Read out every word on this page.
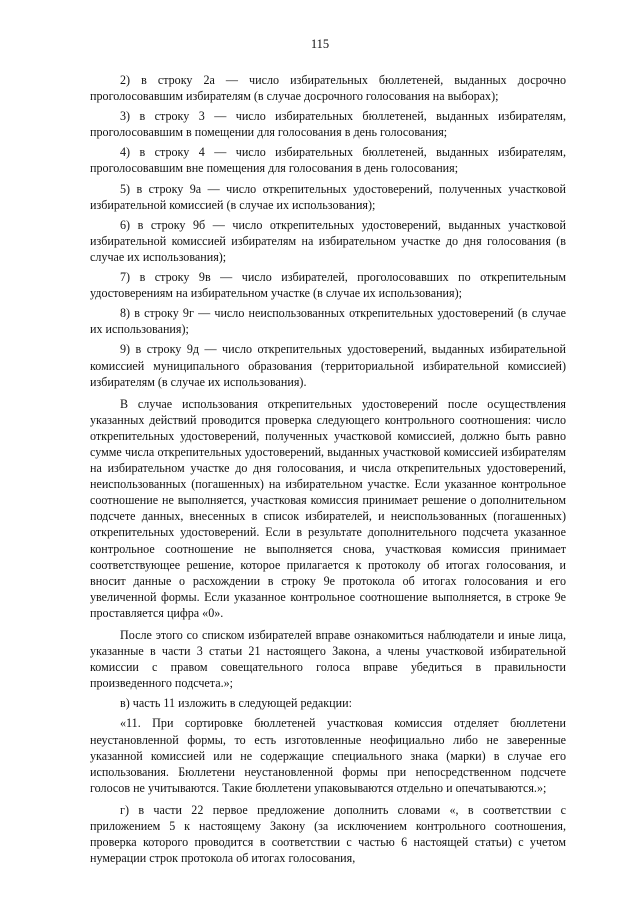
115

2) в строку 2а — число избирательных бюллетеней, выданных досрочно проголосовавшим избирателям (в случае досрочного голосования на выборах);

3) в строку 3 — число избирательных бюллетеней, выданных избирателям, проголосовавшим в помещении для голосования в день голосования;

4) в строку 4 — число избирательных бюллетеней, выданных избирателям, проголосовавшим вне помещения для голосования в день голосования;

5) в строку 9а — число открепительных удостоверений, полученных участковой избирательной комиссией (в случае их использования);

6) в строку 9б — число открепительных удостоверений, выданных участковой избирательной комиссией избирателям на избирательном участке до дня голосования (в случае их использования);

7) в строку 9в — число избирателей, проголосовавших по открепительным удостоверениям на избирательном участке (в случае их использования);

8) в строку 9г — число неиспользованных открепительных удостоверений (в случае их использования);

9) в строку 9д — число открепительных удостоверений, выданных избирательной комиссией муниципального образования (территориальной избирательной комиссией) избирателям (в случае их использования).

В случае использования открепительных удостоверений после осуществления указанных действий проводится проверка следующего контрольного соотношения: число открепительных удостоверений, полученных участковой комиссией, должно быть равно сумме числа открепительных удостоверений, выданных участковой комиссией избирателям на избирательном участке до дня голосования, и числа открепительных удостоверений, неиспользованных (погашенных) на избирательном участке. Если указанное контрольное соотношение не выполняется, участковая комиссия принимает решение о дополнительном подсчете данных, внесенных в список избирателей, и неиспользованных (погашенных) открепительных удостоверений. Если в результате дополнительного подсчета указанное контрольное соотношение не выполняется снова, участковая комиссия принимает соответствующее решение, которое прилагается к протоколу об итогах голосования, и вносит данные о расхождении в строку 9е протокола об итогах голосования и его увеличенной формы. Если указанное контрольное соотношение выполняется, в строке 9е проставляется цифра «0».

После этого со списком избирателей вправе ознакомиться наблюдатели и иные лица, указанные в части 3 статьи 21 настоящего Закона, а члены участковой избирательной комиссии с правом совещательного голоса вправе убедиться в правильности произведенного подсчета.»;

в) часть 11 изложить в следующей редакции:

«11. При сортировке бюллетеней участковая комиссия отделяет бюллетени неустановленной формы, то есть изготовленные неофициально либо не заверенные указанной комиссией или не содержащие специального знака (марки) в случае его использования. Бюллетени неустановленной формы при непосредственном подсчете голосов не учитываются. Такие бюллетени упаковываются отдельно и опечатываются.»;

г) в части 22 первое предложение дополнить словами «, в соответствии с приложением 5 к настоящему Закону (за исключением контрольного соотношения, проверка которого проводится в соответствии с частью 6 настоящей статьи) с учетом нумерации строк протокола об итогах голосования,
